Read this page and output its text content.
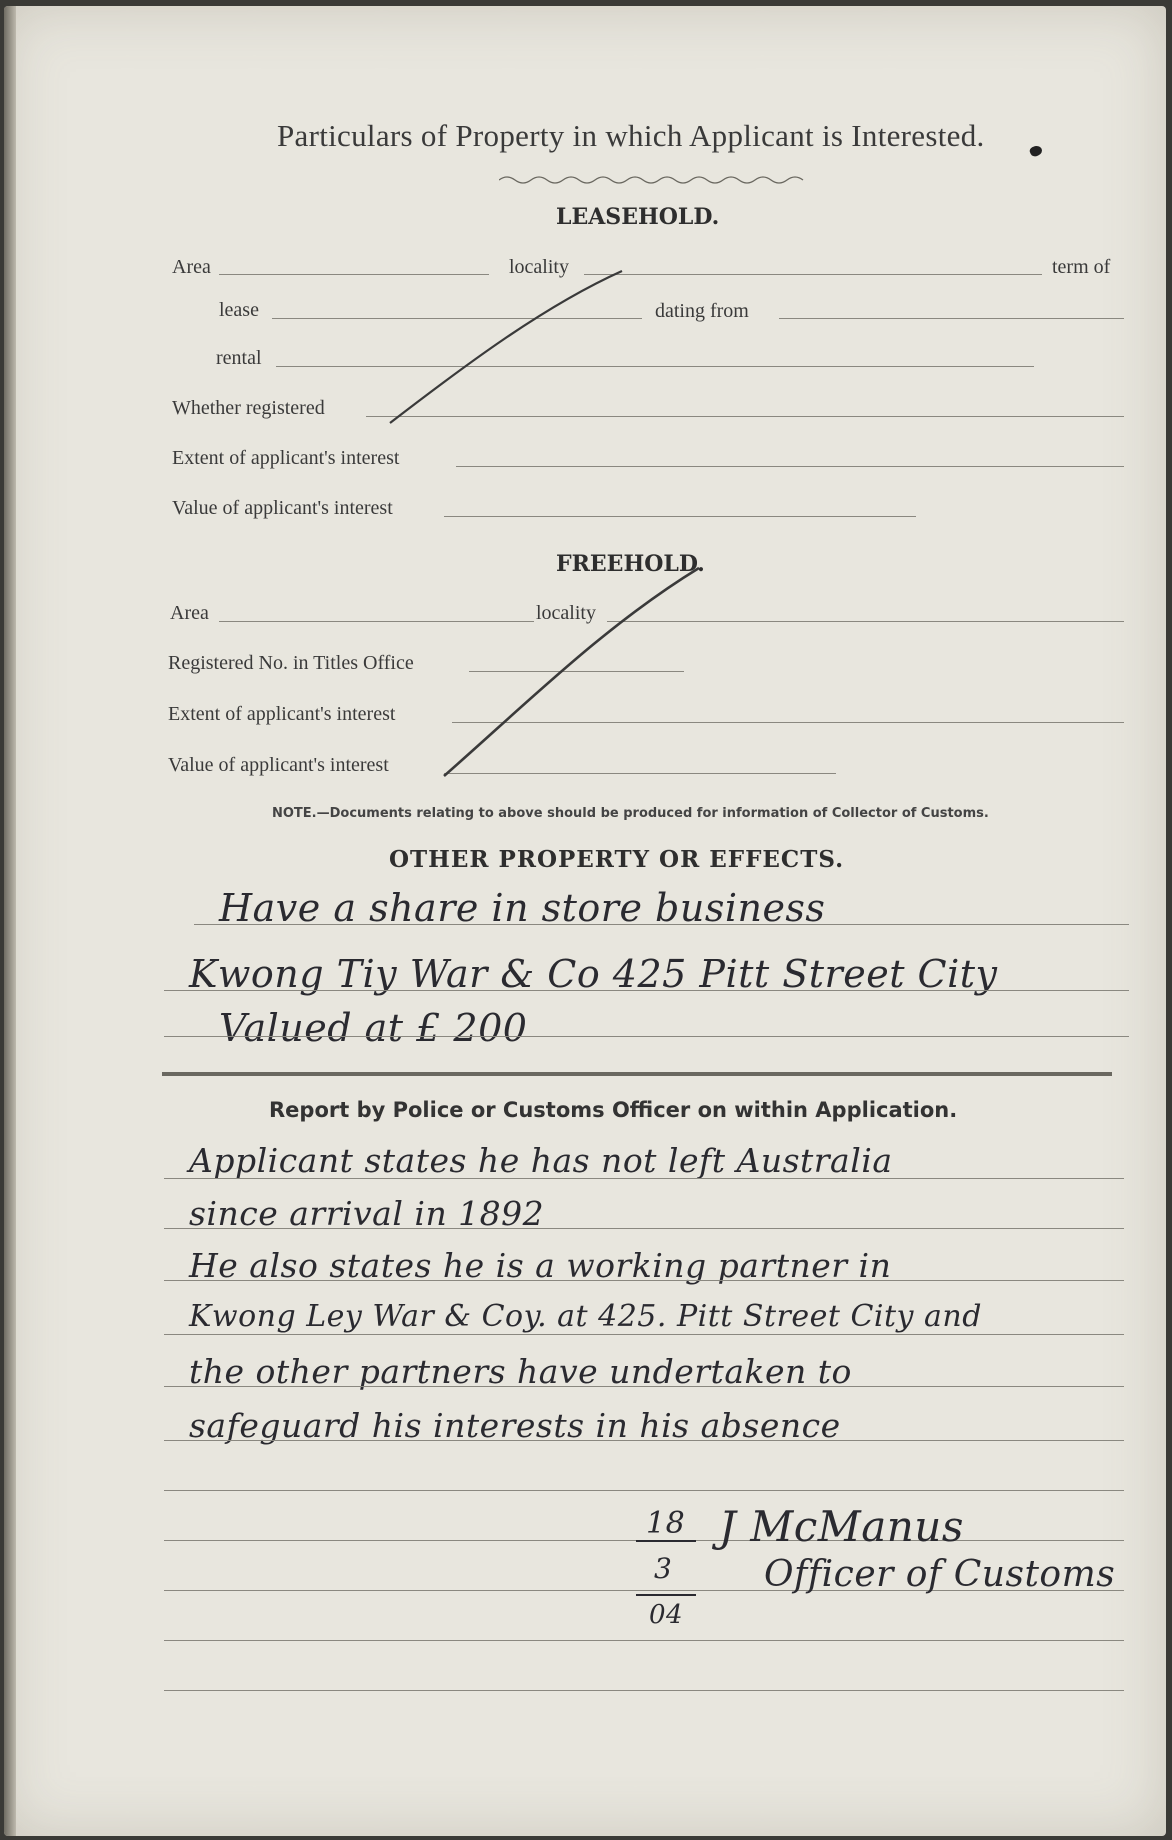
Particulars of Property in which Applicant is Interested.
LEASEHOLD.
Area	locality	term of
lease	dating from
rental
Whether registered
Extent of applicant's interest
Value of applicant's interest
FREEHOLD.
Area	locality
Registered No. in Titles Office
Extent of applicant's interest
Value of applicant's interest
NOTE.—Documents relating to above should be produced for information of Collector of Customs.
OTHER PROPERTY OR EFFECTS.
Have a share in store business
Kwong Tiy War & Co 425 Pitt Street City
Valued at £ 200
Report by Police or Customs Officer on within Application.
Applicant states he has not left Australia
since arrival in 1892
He also states he is a working partner in
Kwong Ley War & Coy. at 425. Pitt Street City and
the other partners have undertaken to
safeguard his interests in his absence
18
3
04
J McManus
Officer of Customs
